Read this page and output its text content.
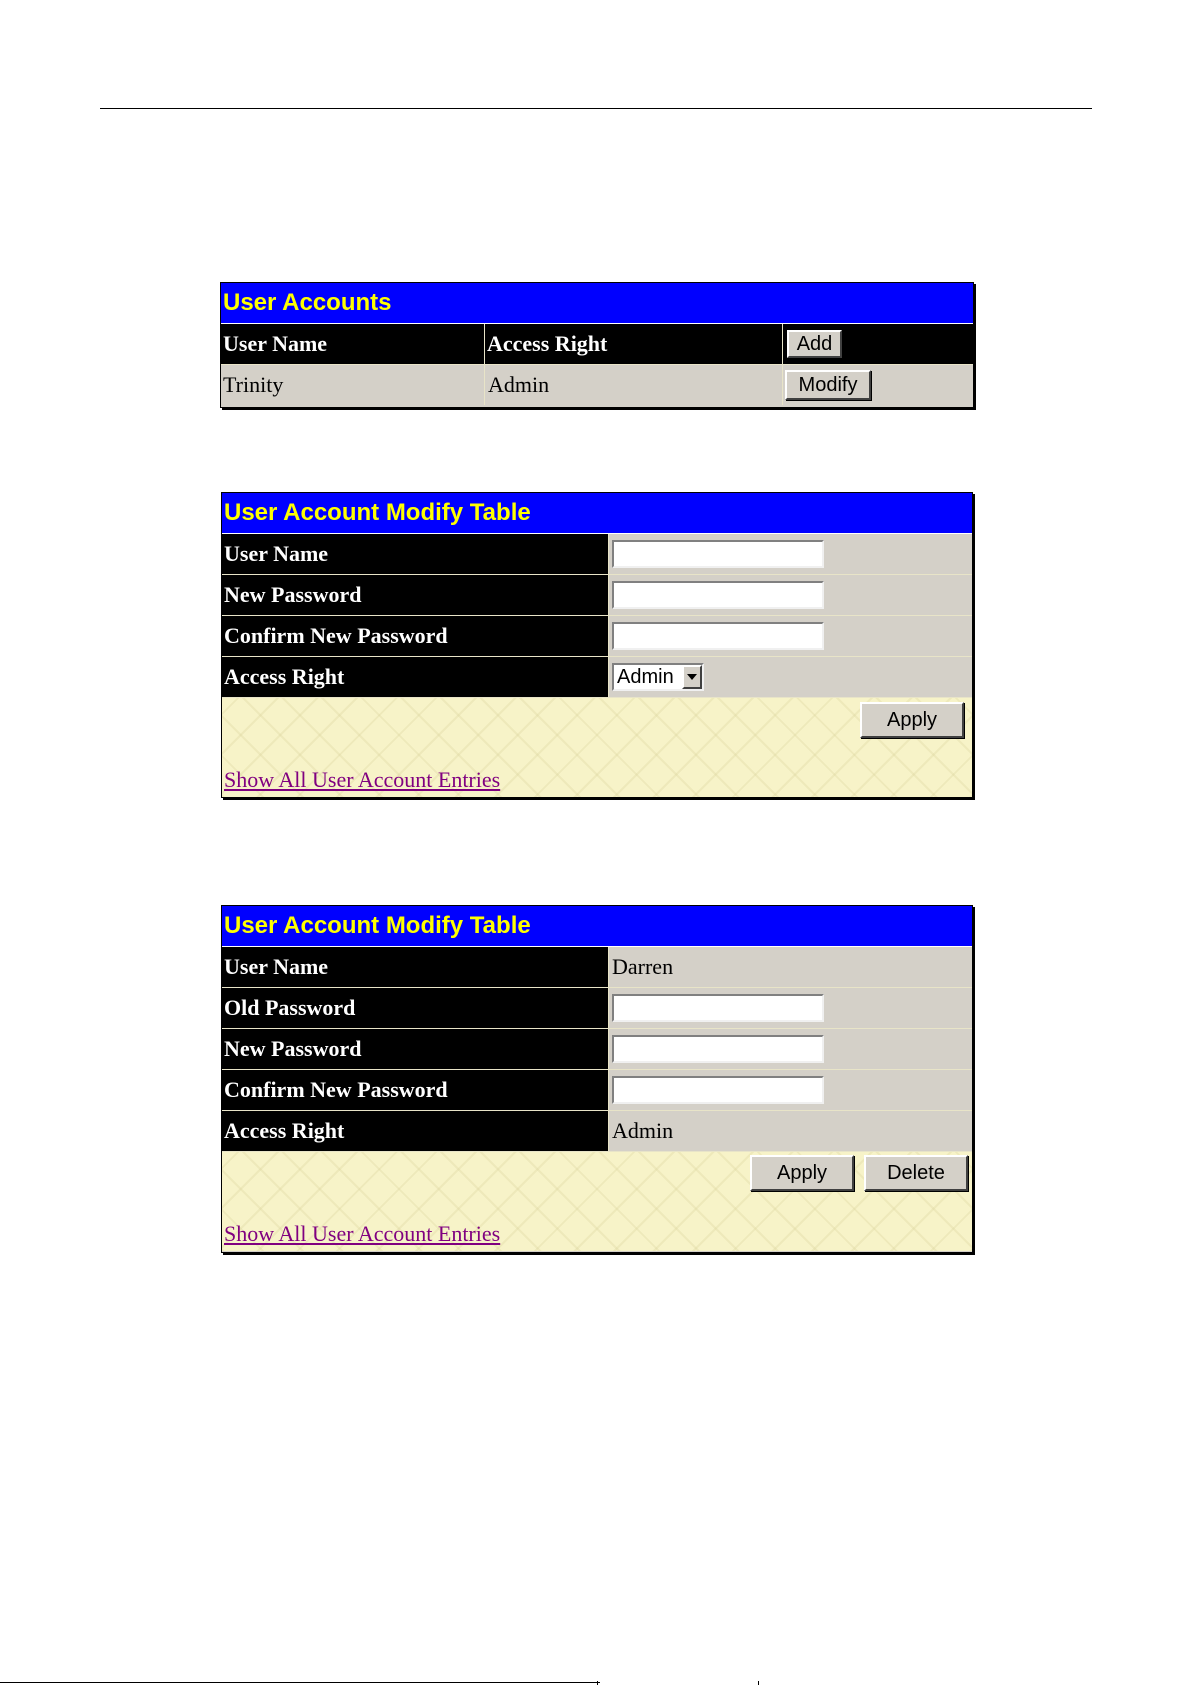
User Accounts
User Name	Access Right	Add
Trinity	Admin	Modify
User Account Modify Table
User Name
New Password
Confirm New Password
Access Right	Admin
Apply
Show All User Account Entries
User Account Modify Table
User Name	Darren
Old Password
New Password
Confirm New Password
Access Right	Admin
Apply	Delete
Show All User Account Entries
